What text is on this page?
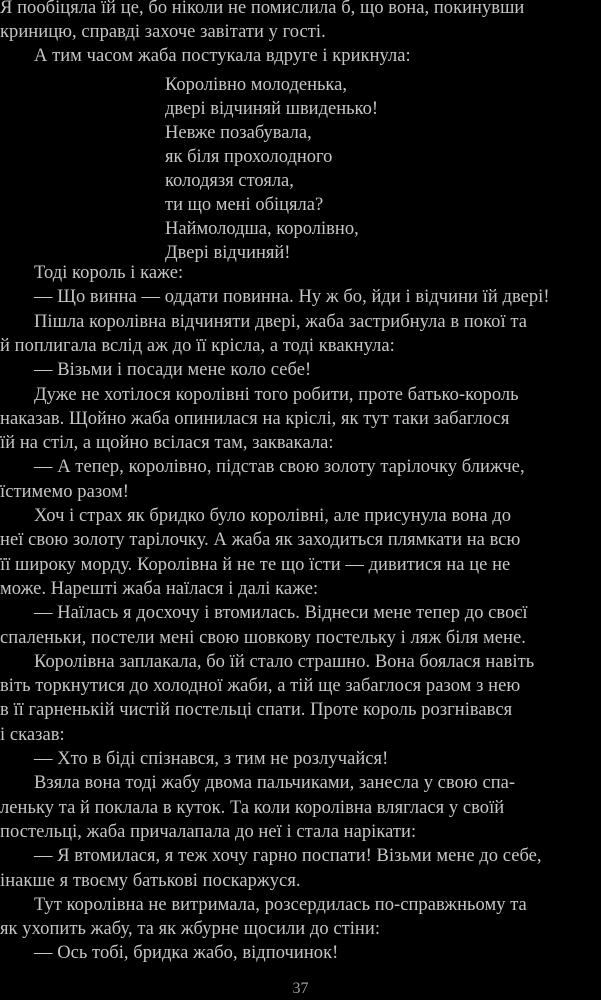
Я пообіцяла їй це, бо ніколи не помислила б, що вона, покинувши
криницю, справді захоче завітати у гості.
А тим часом жаба постукала вдруге і крикнула:
Королівно молоденька,
двері відчиняй швиденько!
Невже позабувала,
як біля прохолодного
колодязя стояла,
ти що мені обіцяла?
Наймолодша, королівно,
Двері відчиняй!
Тоді король і каже:
— Що винна — оддати повинна. Ну ж бо, йди і відчини їй двері!
Пішла королівна відчиняти двері, жаба застрибнула в покої та
й поплигала вслід аж до її крісла, а тоді квакнула:
— Візьми і посади мене коло себе!
Дуже не хотілося королівні того робити, проте батько-король
наказав. Щойно жаба опинилася на кріслі, як тут таки забаглося
їй на стіл, а щойно всілася там, заквакала:
— А тепер, королівно, підстав свою золоту тарілочку ближче,
їстимемо разом!
Хоч і страх як бридко було королівні, але присунула вона до
неї свою золоту тарілочку. А жаба як заходиться плямкати на всю
її широку морду. Королівна й не те що їсти — дивитися на це не
може. Нарешті жаба наїлася і далі каже:
— Наїлась я досхочу і втомилась. Віднеси мене тепер до своєї
спаленьки, постели мені свою шовкову постельку і ляж біля мене.
Королівна заплакала, бо їй стало страшно. Вона боялася навіть
віть торкнутися до холодної жаби, а тій ще забаглося разом з нею
в її гарненькій чистій постельці спати. Проте король розгнівався
і сказав:
— Хто в біді спізнався, з тим не розлучайся!
Взяла вона тоді жабу двома пальчиками, занесла у свою спа-
леньку та й поклала в куток. Та коли королівна вляглася у своїй
постельці, жаба причалапала до неї і стала нарікати:
— Я втомилася, я теж хочу гарно поспати! Візьми мене до себе,
інакше я твоєму батькові поскаржуся.
Тут королівна не витримала, розсердилась по-справжньому та
як ухопить жабу, та як жбурне щосили до стіни:
— Ось тобі, бридка жабо, відпочинок!
37
